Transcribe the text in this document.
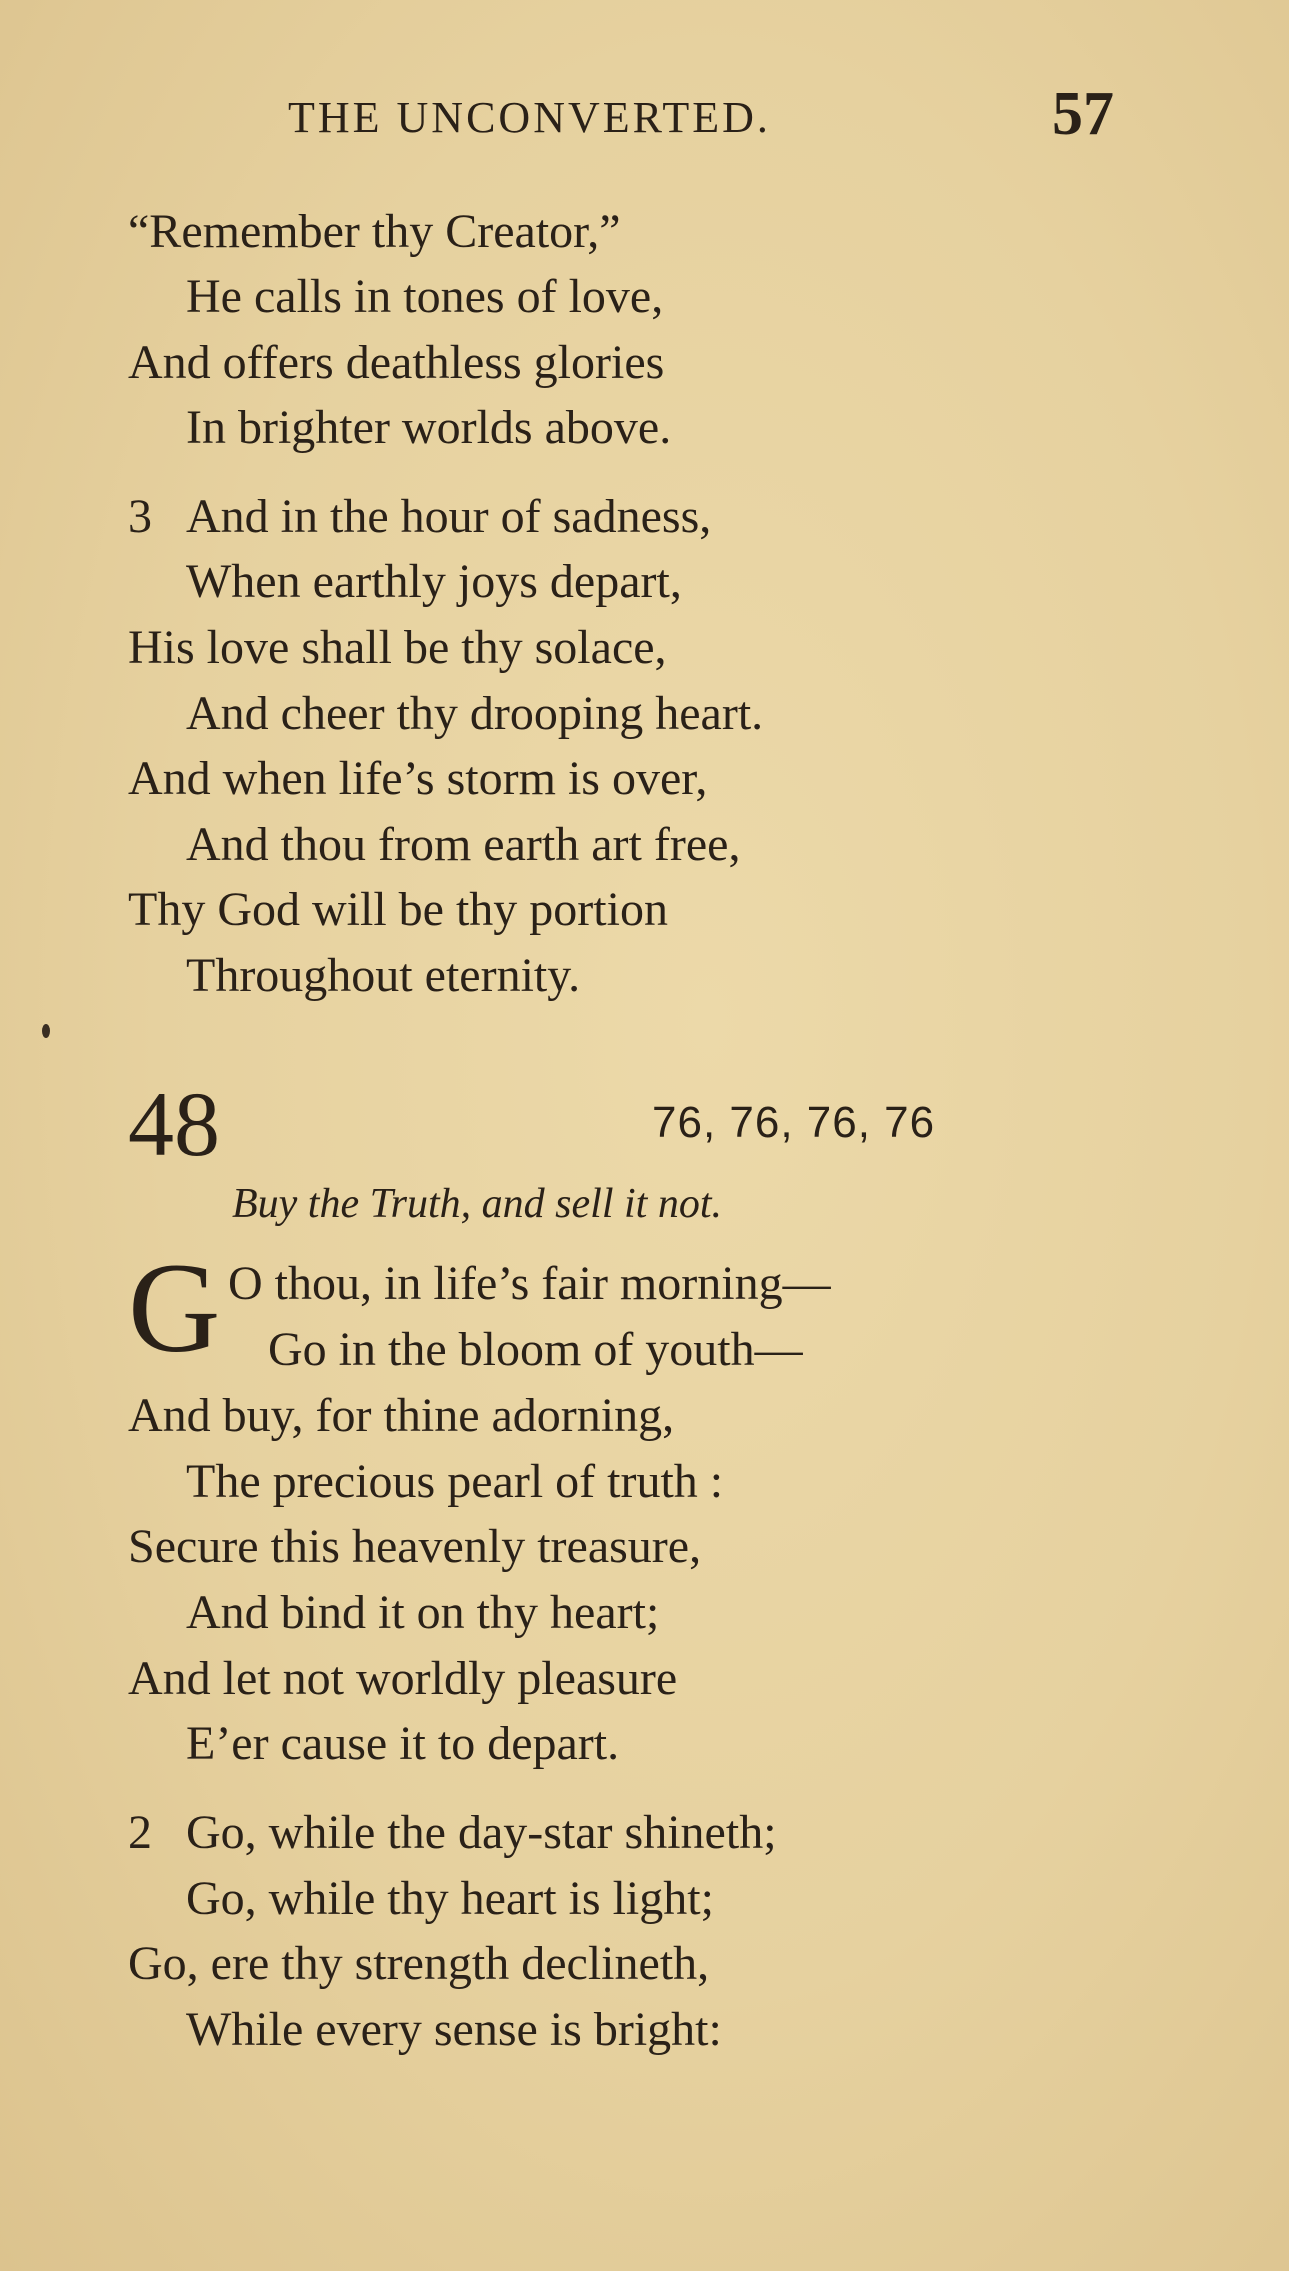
THE UNCONVERTED.	57
“Remember thy Creator,”
He calls in tones of love,
And offers deathless glories
In brighter worlds above.
3 And in the hour of sadness,
When earthly joys depart,
His love shall be thy solace,
And cheer thy drooping heart.
And when life’s storm is over,
And thou from earth art free,
Thy God will be thy portion
Throughout eternity.
48	76, 76, 76, 76
Buy the Truth, and sell it not.
G O thou, in life’s fair morning—
Go in the bloom of youth—
And buy, for thine adorning,
The precious pearl of truth :
Secure this heavenly treasure,
And bind it on thy heart;
And let not worldly pleasure
E’er cause it to depart.
2 Go, while the day-star shineth;
Go, while thy heart is light;
Go, ere thy strength declineth,
While every sense is bright:
